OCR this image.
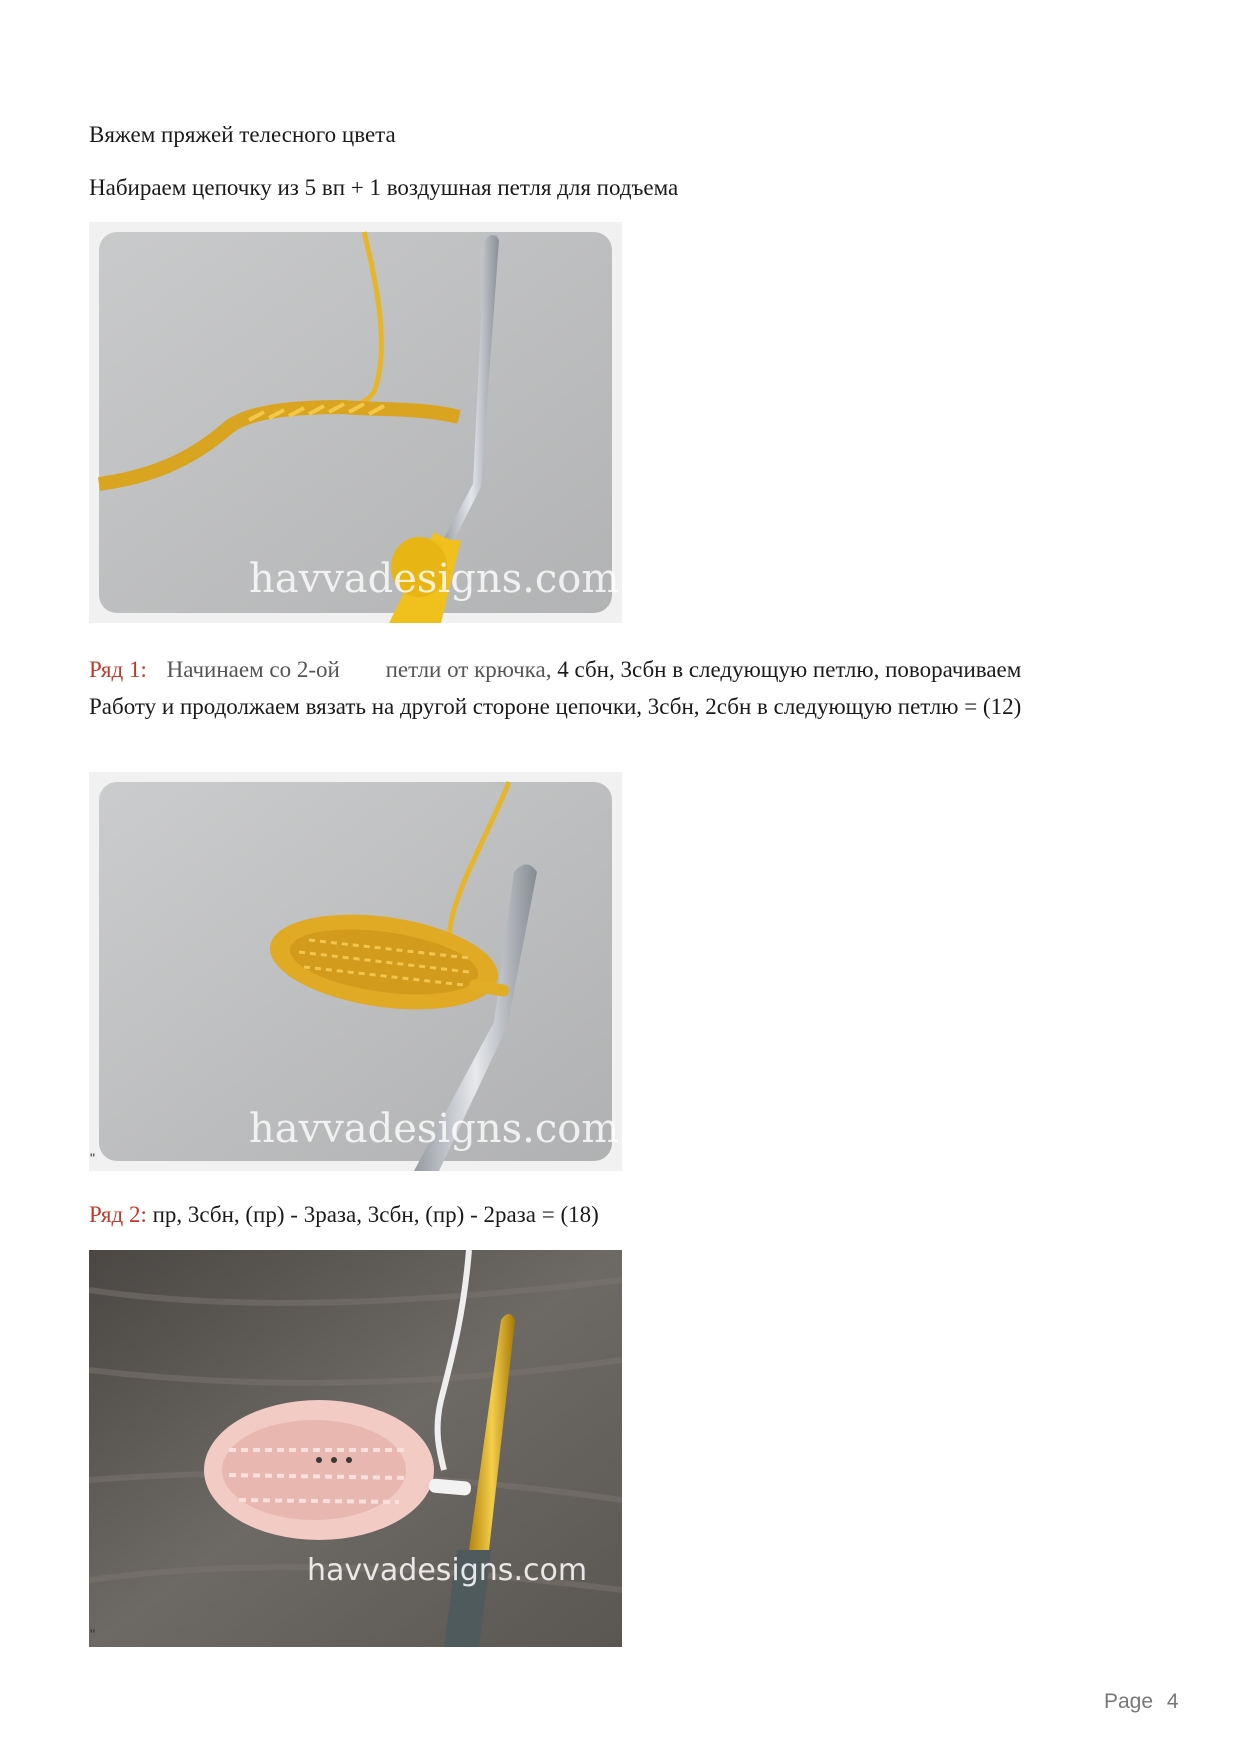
Вяжем пряжей телесного цвета
Набираем цепочку из 5 вп + 1 воздушная петля для подъема
havvadesigns.com
Ряд 1: Начинаем со 2-ой петли от крючка, 4 сбн, 3сбн в следующую петлю, поворачиваем
Работу и продолжаем вязать на другой стороне цепочки, 3сбн, 2сбн в следующую петлю = (12)
havvadesigns.com
"
Ряд 2: пр, 3сбн, (пр) - 3раза, 3сбн, (пр) - 2раза = (18)
havvadesigns.com
"
Page 4
